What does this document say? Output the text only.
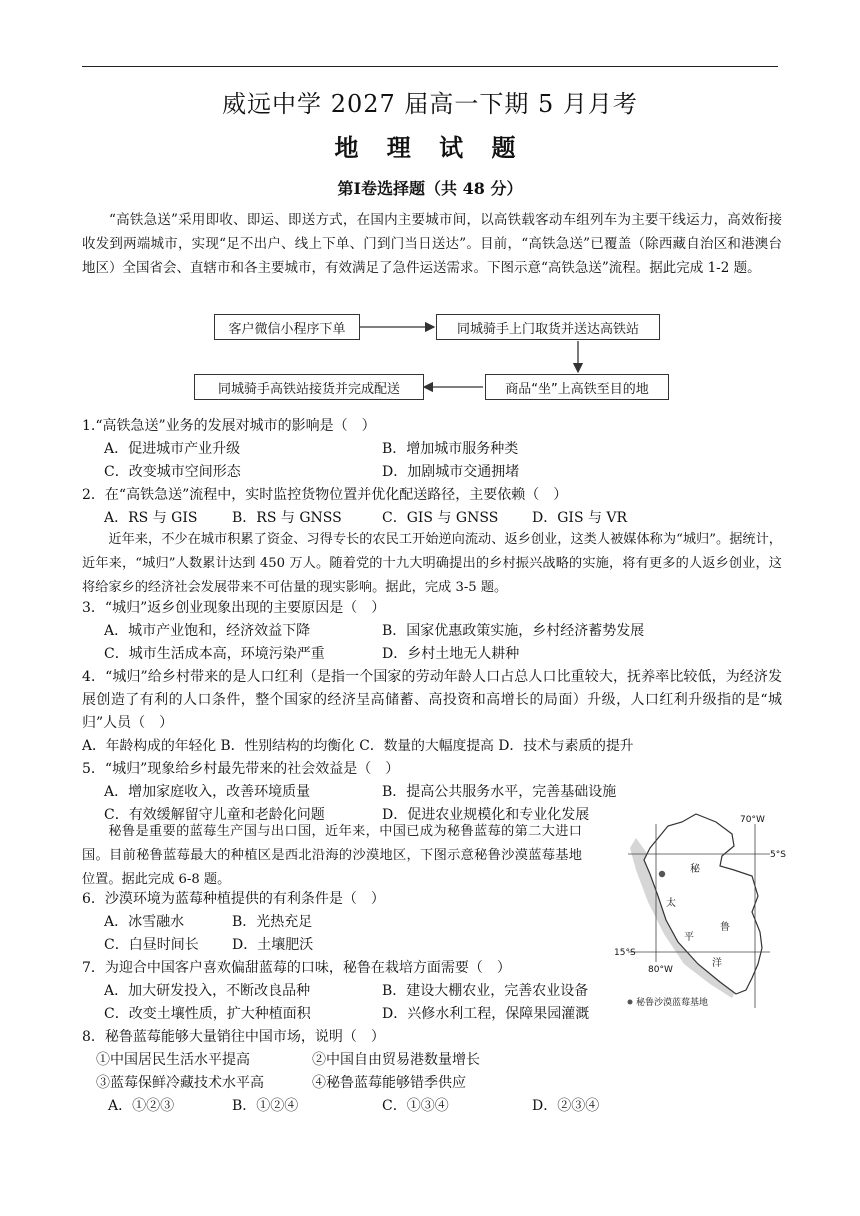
威远中学 2027 届高一下期 5 月月考
地 理 试 题
第Ⅰ卷选择题（共 48 分）

“高铁急送”采用即收、即运、即送方式，在国内主要城市间，以高铁载客动车组列车为主要干线运力，高效衔接收发到两端城市，实现“足不出户、线上下单、门到门当日送达”。目前，“高铁急送”已覆盖（除西藏自治区和港澳台地区）全国省会、直辖市和各主要城市，有效满足了急件运送需求。下图示意“高铁急送”流程。据此完成 1-2 题。

客户微信小程序下单	同城骑手上门取货并送达高铁站
商品“坐”上高铁至目的地
同城骑手高铁站接货并完成配送
1.“高铁急送”业务的发展对城市的影响是（　）
A．促进城市产业升级	B．增加城市服务种类
C．改变城市空间形态	D．加剧城市交通拥堵
2．在“高铁急送”流程中，实时监控货物位置并优化配送路径，主要依赖（　）
A．RS 与 GIS B．RS 与 GNSS	C．GIS 与 GNSS D．GIS 与 VR

近年来，不少在城市积累了资金、习得专长的农民工开始逆向流动、返乡创业，这类人被媒体称为“城归”。据统计，近年来，“城归”人数累计达到 450 万人。随着党的十九大明确提出的乡村振兴战略的实施，将有更多的人返乡创业，这将给家乡的经济社会发展带来不可估量的现实影响。据此，完成 3-5 题。

3．“城归”返乡创业现象出现的主要原因是（　）
A．城市产业饱和，经济效益下降	B．国家优惠政策实施，乡村经济蓄势发展
C．城市生活成本高，环境污染严重	D．乡村土地无人耕种

4．“城归”给乡村带来的是人口红利（是指一个国家的劳动年龄人口占总人口比重较大，抚养率比较低，为经济发展创造了有利的人口条件，整个国家的经济呈高储蓄、高投资和高增长的局面）升级，人口红利升级指的是“城归”人员（　）

A．年龄构成的年轻化 B．性别结构的均衡化 C．数量的大幅度提高 D．技术与素质的提升
5．“城归”现象给乡村最先带来的社会效益是（　）
A．增加家庭收入，改善环境质量	B．提高公共服务水平，完善基础设施
C．有效缓解留守儿童和老龄化问题	D．促进农业规模化和专业化发展

秘鲁是重要的蓝莓生产国与出口国，近年来，中国已成为秘鲁蓝莓的第二大进口国。目前秘鲁蓝莓最大的种植区是西北沿海的沙漠地区，下图示意秘鲁沙漠蓝莓基地位置。据此完成 6-8 题。

6．沙漠环境为蓝莓种植提供的有利条件是（　）
A．冰雪融水	B．光热充足
C．白昼时间长 D．土壤肥沃
7．为迎合中国客户喜欢偏甜蓝莓的口味，秘鲁在栽培方面需要（　）
A．加大研发投入，不断改良品种	B．建设大棚农业，完善农业设备
C．改变土壤性质，扩大种植面积	D．兴修水利工程，保障果园灌溉
8．秘鲁蓝莓能够大量销往中国市场，说明（　）
①中国居民生活水平提高	②中国自由贸易港数量增长
③蓝莓保鲜冷藏技术水平高	④秘鲁蓝莓能够错季供应
A．①②③	B．①②④	C．①③④	D．②③④
70°W
5°S
15°S
80°W
秘
鲁
太
平
洋
秘鲁沙漠蓝莓基地
